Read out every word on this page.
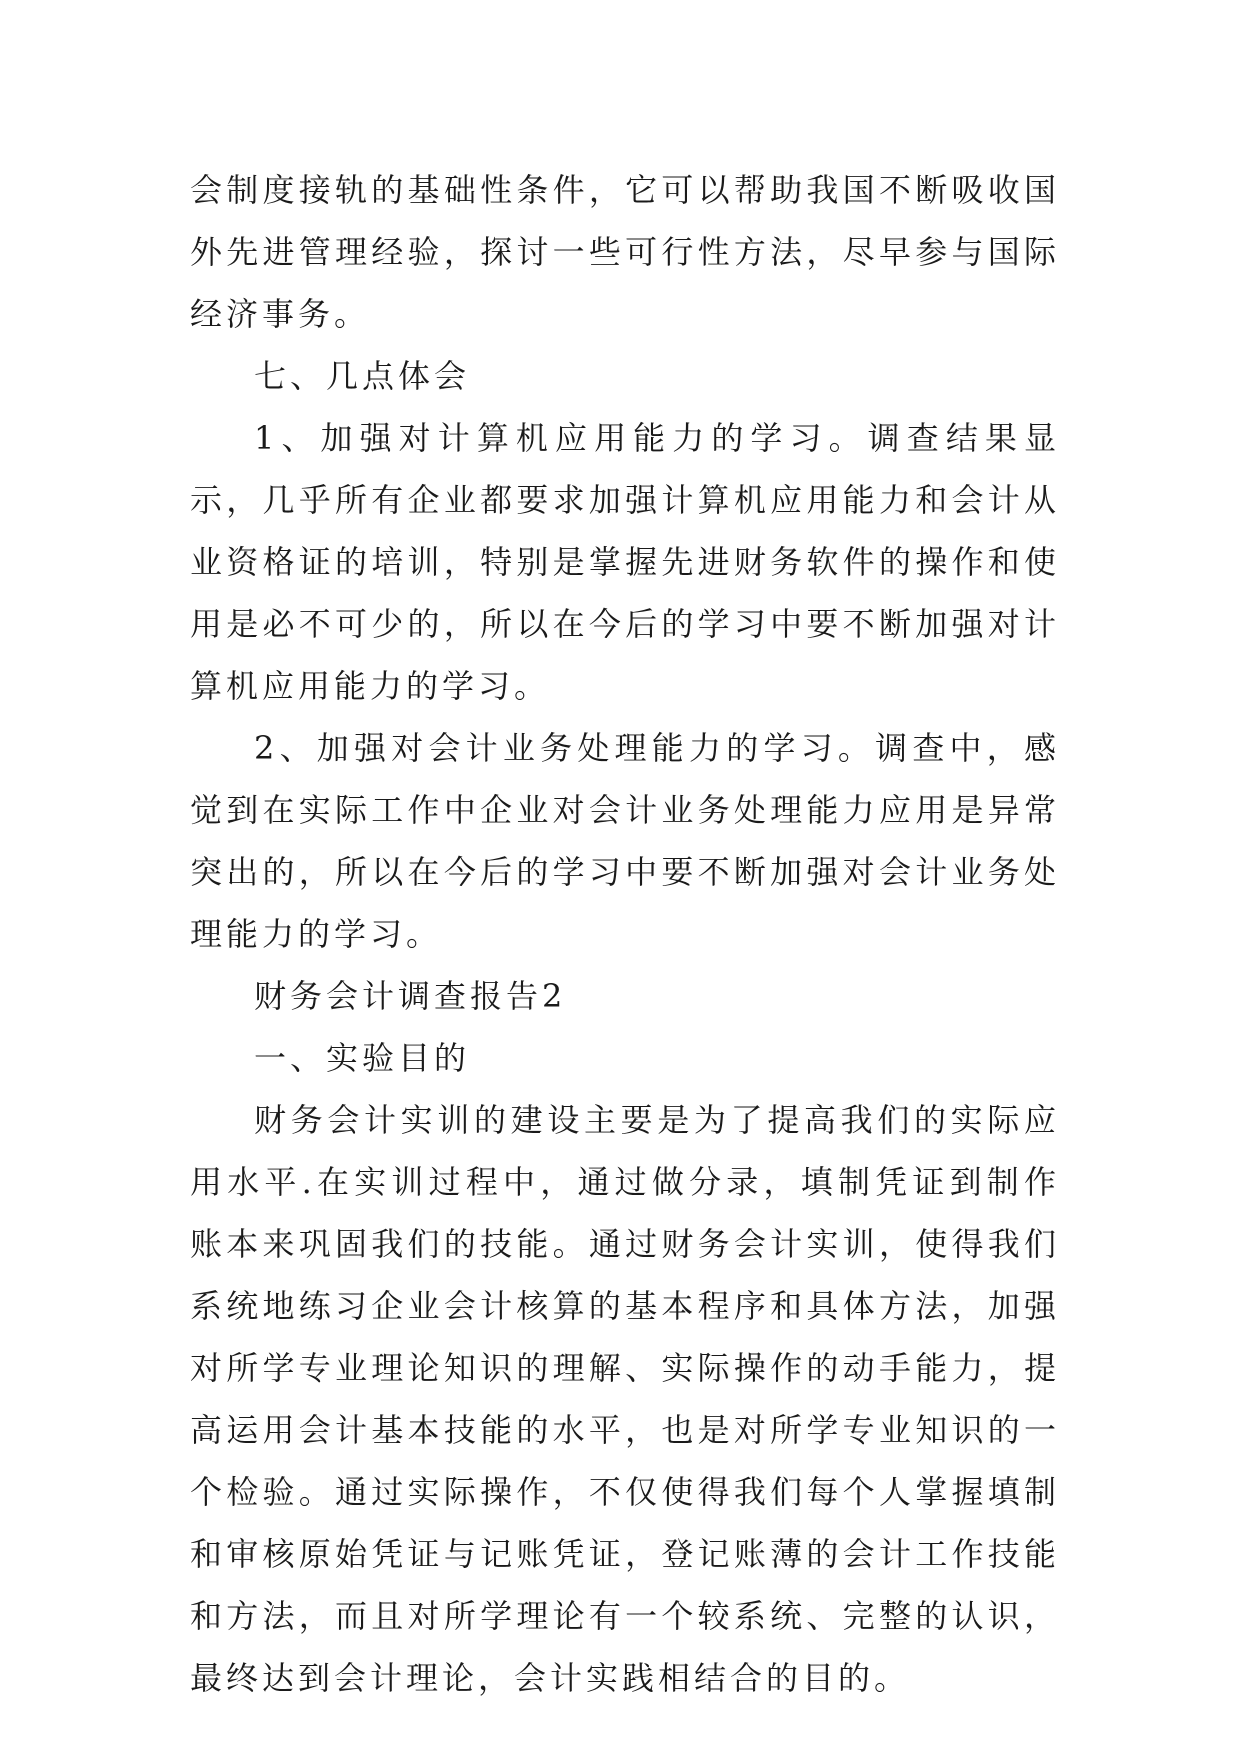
会制度接轨的基础性条件，它可以帮助我国不断吸收国外先进管理经验，探讨一些可行性方法，尽早参与国际经济事务。

七、几点体会

1、加强对计算机应用能力的学习。调查结果显示，几乎所有企业都要求加强计算机应用能力和会计从业资格证的培训，特别是掌握先进财务软件的操作和使用是必不可少的，所以在今后的学习中要不断加强对计算机应用能力的学习。

2、加强对会计业务处理能力的学习。调查中，感觉到在实际工作中企业对会计业务处理能力应用是异常突出的，所以在今后的学习中要不断加强对会计业务处理能力的学习。

财务会计调查报告2

一、实验目的

财务会计实训的建设主要是为了提高我们的实际应用水平.在实训过程中，通过做分录，填制凭证到制作账本来巩固我们的技能。通过财务会计实训，使得我们系统地练习企业会计核算的基本程序和具体方法，加强对所学专业理论知识的理解、实际操作的动手能力，提高运用会计基本技能的水平，也是对所学专业知识的一个检验。通过实际操作，不仅使得我们每个人掌握填制和审核原始凭证与记账凭证，登记账薄的会计工作技能和方法，而且对所学理论有一个较系统、完整的认识，最终达到会计理论，会计实践相结合的目的。
